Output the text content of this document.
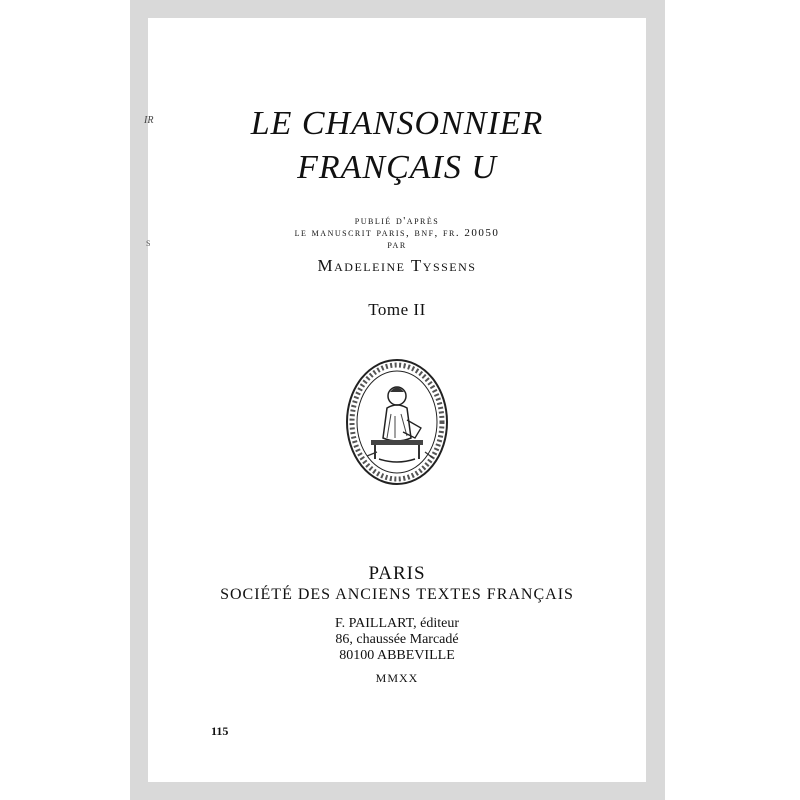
IR
S
LE CHANSONNIER
FRANÇAIS U
publié d'après
le manuscrit paris, bnf, fr. 20050
par
Madeleine Tyssens
Tome II
PARIS
SOCIÉTÉ DES ANCIENS TEXTES FRANÇAIS
F. PAILLART, éditeur
86, chaussée Marcadé
80100 ABBEVILLE
MMXX
115
